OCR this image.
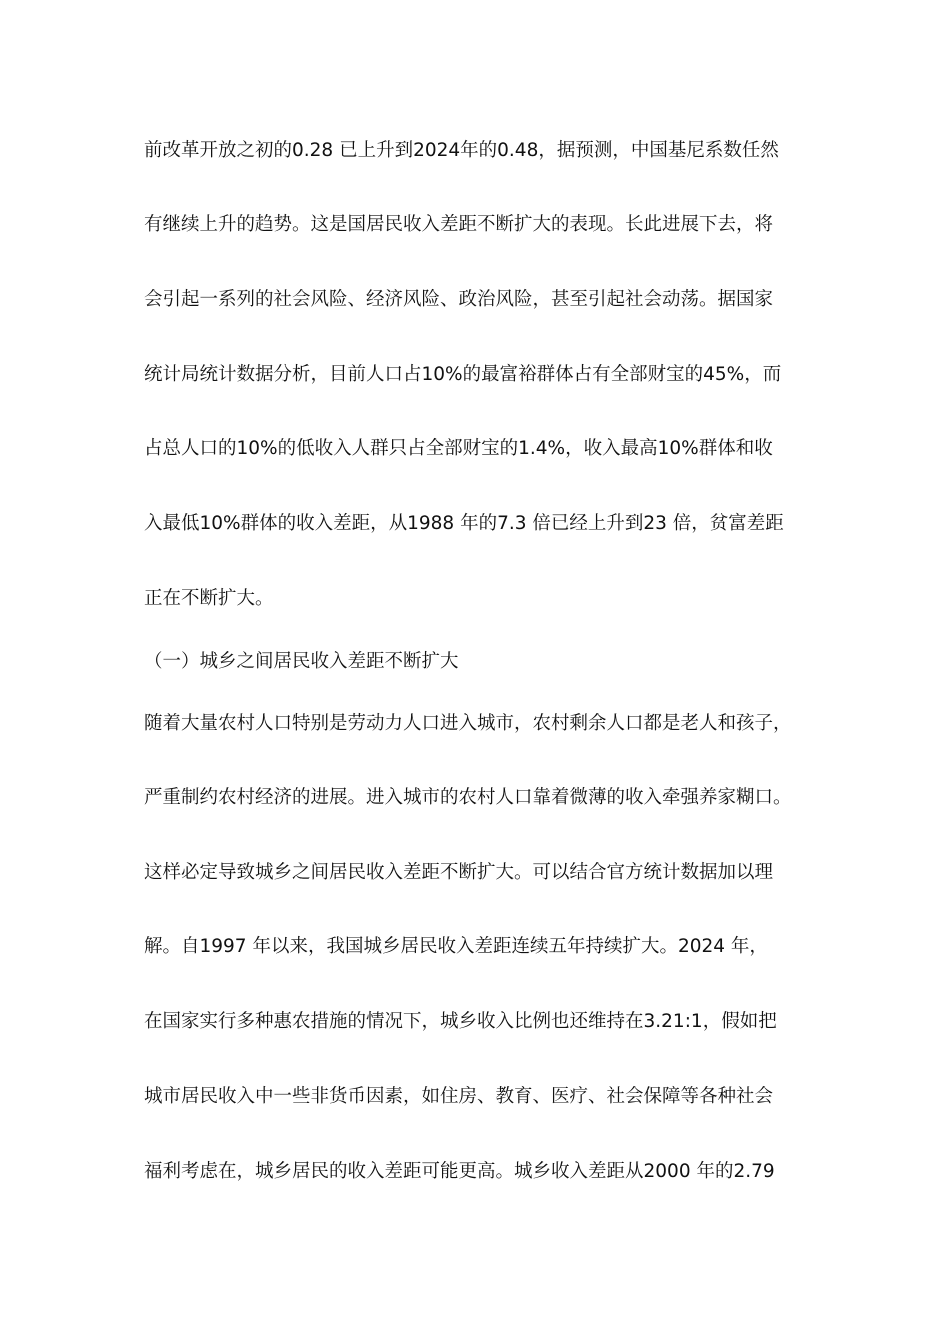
前改革开放之初的0.28 已上升到2024年的0.48，据预测，中国基尼系数任然
有继续上升的趋势。这是国居民收入差距不断扩大的表现。长此进展下去，将
会引起一系列的社会风险、经济风险、政治风险，甚至引起社会动荡。据国家
统计局统计数据分析，目前人口占10%的最富裕群体占有全部财宝的45%，而
占总人口的10%的低收入人群只占全部财宝的1.4%，收入最高10%群体和收
入最低10%群体的收入差距，从1988 年的7.3 倍已经上升到23 倍，贫富差距
正在不断扩大。
（一）城乡之间居民收入差距不断扩大
随着大量农村人口特别是劳动力人口进入城市，农村剩余人口都是老人和孩子，
严重制约农村经济的进展。进入城市的农村人口靠着微薄的收入牵强养家糊口。
这样必定导致城乡之间居民收入差距不断扩大。可以结合官方统计数据加以理
解。自1997 年以来，我国城乡居民收入差距连续五年持续扩大。2024 年，
在国家实行多种惠农措施的情况下，城乡收入比例也还维持在3.21:1，假如把
城市居民收入中一些非货币因素，如住房、教育、医疗、社会保障等各种社会
福利考虑在，城乡居民的收入差距可能更高。城乡收入差距从2000 年的2.79
